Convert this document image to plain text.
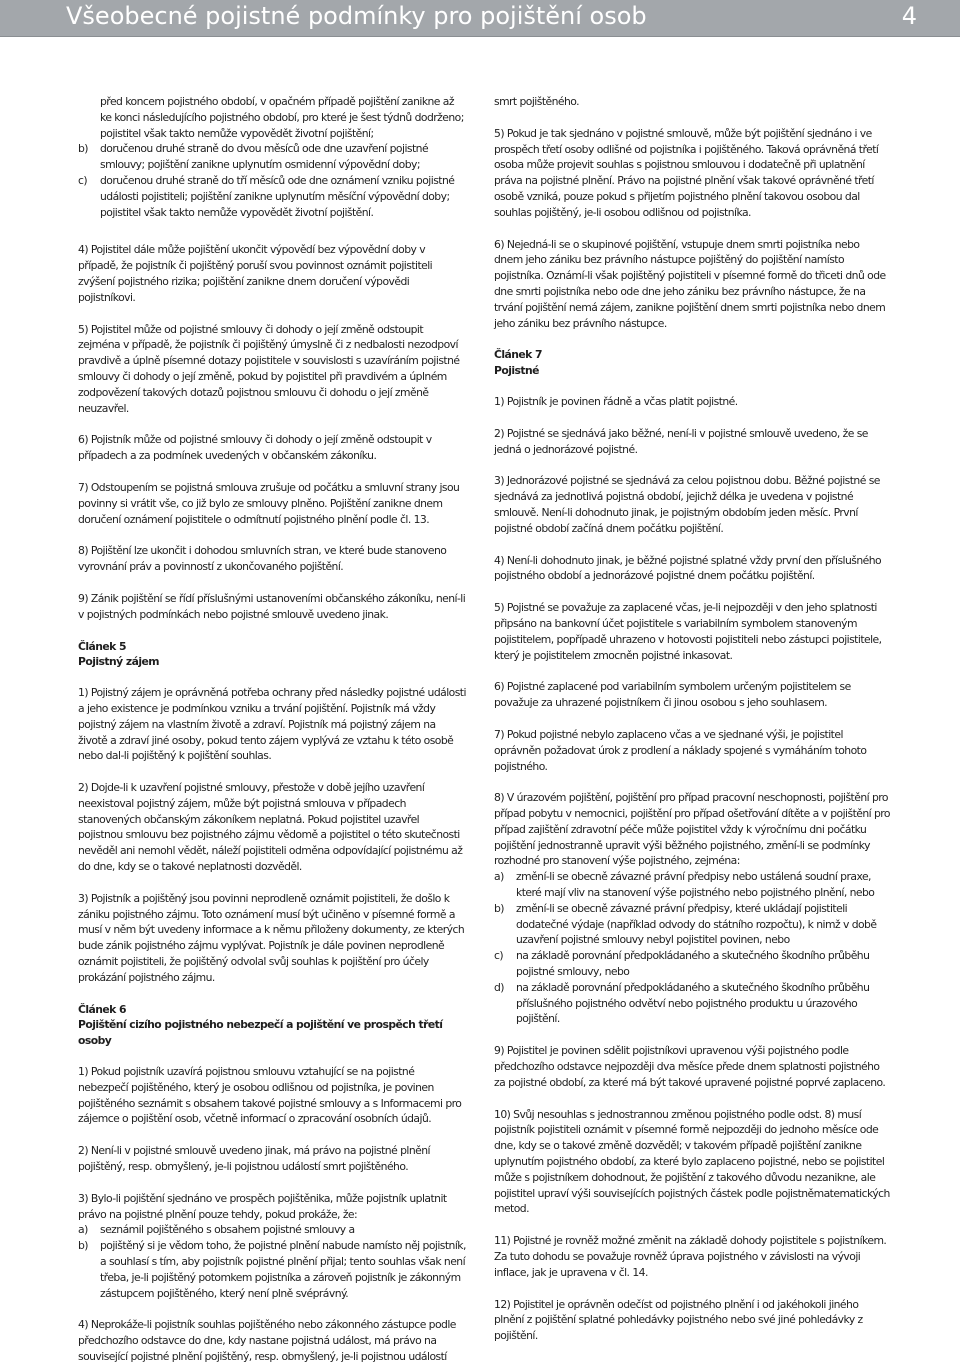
Všeobecné pojistné podmínky pro pojištění osob	4

před koncem pojistného období, v opačném případě pojištění zanikne až ke konci následujícího pojistného období, pro které je šest týdnů dodrženo; pojistitel však takto nemůže vypovědět životní pojištění;

b)	doručenou druhé straně do dvou měsíců ode dne uzavření pojistné smlouvy; pojištění zanikne uplynutím osmidenní výpovědní doby;
c)	doručenou druhé straně do tří měsíců ode dne oznámení vzniku pojistné události pojistiteli; pojištění zanikne uplynutím měsíční výpovědní doby; pojistitel však takto nemůže vypovědět životní pojištění.

4) Pojistitel dále může pojištění ukončit výpovědí bez výpovědní doby v případě, že pojistník či pojištěný poruší svou povinnost oznámit pojistiteli zvýšení pojistného rizika; pojištění zanikne dnem doručení výpovědi pojistníkovi.

5) Pojistitel může od pojistné smlouvy či dohody o její změně odstoupit zejména v případě, že pojistník či pojištěný úmyslně či z nedbalosti nezodpoví pravdivě a úplně písemné dotazy pojistitele v souvislosti s uzavíráním pojistné smlouvy či dohody o její změně, pokud by pojistitel při pravdivém a úplném zodpovězení takových dotazů pojistnou smlouvu či dohodu o její změně neuzavřel.

6) Pojistník může od pojistné smlouvy či dohody o její změně odstoupit v případech a za podmínek uvedených v občanském zákoníku.

7) Odstoupením se pojistná smlouva zrušuje od počátku a smluvní strany jsou povinny si vrátit vše, co již bylo ze smlouvy plněno. Pojištění zanikne dnem doručení oznámení pojistitele o odmítnutí pojistného plnění podle čl. 13.

8) Pojištění lze ukončit i dohodou smluvních stran, ve které bude stanoveno vyrovnání práv a povinností z ukončovaného pojištění.

9) Zánik pojištění se řídí příslušnými ustanoveními občanského zákoníku, není-li v pojistných podmínkách nebo pojistné smlouvě uvedeno jinak.

Článek 5

Pojistný zájem

1) Pojistný zájem je oprávněná potřeba ochrany před následky pojistné události a jeho existence je podmínkou vzniku a trvání pojištění. Pojistník má vždy pojistný zájem na vlastním životě a zdraví. Pojistník má pojistný zájem na životě a zdraví jiné osoby, pokud tento zájem vyplývá ze vztahu k této osobě nebo dal-li pojištěný k pojištění souhlas.

2) Dojde-li k uzavření pojistné smlouvy, přestože v době jejího uzavření neexistoval pojistný zájem, může být pojistná smlouva v případech stanovených občanským zákoníkem neplatná. Pokud pojistitel uzavřel pojistnou smlouvu bez pojistného zájmu vědomě a pojistitel o této skutečnosti nevěděl ani nemohl vědět, náleží pojistiteli odměna odpovídající pojistnému až do dne, kdy se o takové neplatnosti dozvěděl.

3) Pojistník a pojištěný jsou povinni neprodleně oznámit pojistiteli, že došlo k zániku pojistného zájmu. Toto oznámení musí být učiněno v písemné formě a musí v něm být uvedeny informace a k němu přiloženy dokumenty, ze kterých bude zánik pojistného zájmu vyplývat. Pojistník je dále povinen neprodleně oznámit pojistiteli, že pojištěný odvolal svůj souhlas k pojištění pro účely prokázání pojistného zájmu.

Článek 6

Pojištění cizího pojistného nebezpečí a pojištění ve prospěch třetí osoby

1) Pokud pojistník uzavírá pojistnou smlouvu vztahující se na pojistné nebezpečí pojištěného, který je osobou odlišnou od pojistníka, je povinen pojištěného seznámit s obsahem takové pojistné smlouvy a s Informacemi pro zájemce o pojištění osob, včetně informací o zpracování osobních údajů.

2) Není-li v pojistné smlouvě uvedeno jinak, má právo na pojistné plnění pojištěný, resp. obmyšlený, je-li pojistnou událostí smrt pojištěného.

3) Bylo-li pojištění sjednáno ve prospěch pojištěnika, může pojistník uplatnit právo na pojistné plnění pouze tehdy, pokud prokáže, že:

a)	seznámil pojištěného s obsahem pojistné smlouvy a
b)	pojištěný si je vědom toho, že pojistné plnění nabude namísto něj pojistník, a souhlasí s tím, aby pojistník pojistné plnění přijal; tento souhlas však není třeba, je-li pojištěný potomkem pojistníka a zároveň pojistník je zákonným zástupcem pojištěného, který není plně svéprávný.

4) Neprokáže-li pojistník souhlas pojištěného nebo zákonného zástupce podle předchozího odstavce do dne, kdy nastane pojistná událost, má právo na související pojistné plnění pojištěný, resp. obmyšlený, je-li pojistnou událostí

smrt pojištěného.

5) Pokud je tak sjednáno v pojistné smlouvě, může být pojištění sjednáno i ve prospěch třetí osoby odlišné od pojistníka i pojištěného. Taková oprávněná třetí osoba může projevit souhlas s pojistnou smlouvou i dodatečně při uplatnění práva na pojistné plnění. Právo na pojistné plnění však takové oprávněné třetí osobě vzniká, pouze pokud s přijetím pojistného plnění takovou osobou dal souhlas pojištěný, je-li osobou odlišnou od pojistníka.

6) Nejedná-li se o skupinové pojištění, vstupuje dnem smrti pojistníka nebo dnem jeho zániku bez právního nástupce pojištěný do pojištění namísto pojistníka. Oznámí-li však pojištěný pojistiteli v písemné formě do třiceti dnů ode dne smrti pojistníka nebo ode dne jeho zániku bez právního nástupce, že na trvání pojištění nemá zájem, zanikne pojištění dnem smrti pojistníka nebo dnem jeho zániku bez právního nástupce.

Článek 7

Pojistné

1) Pojistník je povinen řádně a včas platit pojistné.

2) Pojistné se sjednává jako běžné, není-li v pojistné smlouvě uvedeno, že se jedná o jednorázové pojistné.

3) Jednorázové pojistné se sjednává za celou pojistnou dobu. Běžné pojistné se sjednává za jednotlivá pojistná období, jejichž délka je uvedena v pojistné smlouvě. Není-li dohodnuto jinak, je pojistným obdobím jeden měsíc. První pojistné období začíná dnem počátku pojištění.

4) Není-li dohodnuto jinak, je běžné pojistné splatné vždy první den příslušného pojistného období a jednorázové pojistné dnem počátku pojištění.

5) Pojistné se považuje za zaplacené včas, je-li nejpozději v den jeho splatnosti připsáno na bankovní účet pojistitele s variabilním symbolem stanoveným pojistitelem, popřípadě uhrazeno v hotovosti pojistiteli nebo zástupci pojistitele, který je pojistitelem zmocněn pojistné inkasovat.

6) Pojistné zaplacené pod variabilním symbolem určeným pojistitelem se považuje za uhrazené pojistníkem či jinou osobou s jeho souhlasem.

7) Pokud pojistné nebylo zaplaceno včas a ve sjednané výši, je pojistitel oprávněn požadovat úrok z prodlení a náklady spojené s vymáháním tohoto pojistného.

8) V úrazovém pojištění, pojištění pro případ pracovní neschopnosti, pojištění pro případ pobytu v nemocnici, pojištění pro případ ošetřování dítěte a v pojištění pro případ zajištění zdravotní péče může pojistitel vždy k výročnímu dni počátku pojištění jednostranně upravit výši běžného pojistného, změní-li se podmínky rozhodné pro stanovení výše pojistného, zejména:

a)	změní-li se obecně závazné právní předpisy nebo ustálená soudní praxe, které mají vliv na stanovení výše pojistného nebo pojistného plnění, nebo
b)	změní-li se obecně závazné právní předpisy, které ukládají pojistiteli dodatečné výdaje (například odvody do státního rozpočtu), k nimž v době uzavření pojistné smlouvy nebyl pojistitel povinen, nebo
c)	na základě porovnání předpokládaného a skutečného škodního průběhu pojistné smlouvy, nebo
d)	na základě porovnání předpokládaného a skutečného škodního průběhu příslušného pojistného odvětví nebo pojistného produktu u úrazového pojištění.

9) Pojistitel je povinen sdělit pojistníkovi upravenou výši pojistného podle předchozího odstavce nejpozději dva měsíce přede dnem splatnosti pojistného za pojistné období, za které má být takové upravené pojistné poprvé zaplaceno.

10) Svůj nesouhlas s jednostrannou změnou pojistného podle odst. 8) musí pojistník pojistiteli oznámit v písemné formě nejpozději do jednoho měsíce ode dne, kdy se o takové změně dozvěděl; v takovém případě pojištění zanikne uplynutím pojistného období, za které bylo zaplaceno pojistné, nebo se pojistitel může s pojistníkem dohodnout, že pojištění z takového důvodu nezanikne, ale pojistitel upraví výši souvisejících pojistných částek podle pojistněmatematických metod.

11) Pojistné je rovněž možné změnit na základě dohody pojistitele s pojistníkem. Za tuto dohodu se považuje rovněž úprava pojistného v závislosti na vývoji inflace, jak je upravena v čl. 14.

12) Pojistitel je oprávněn odečíst od pojistného plnění i od jakéhokoli jiného plnění z pojištění splatné pohledávky pojistného nebo své jiné pohledávky z pojištění.
